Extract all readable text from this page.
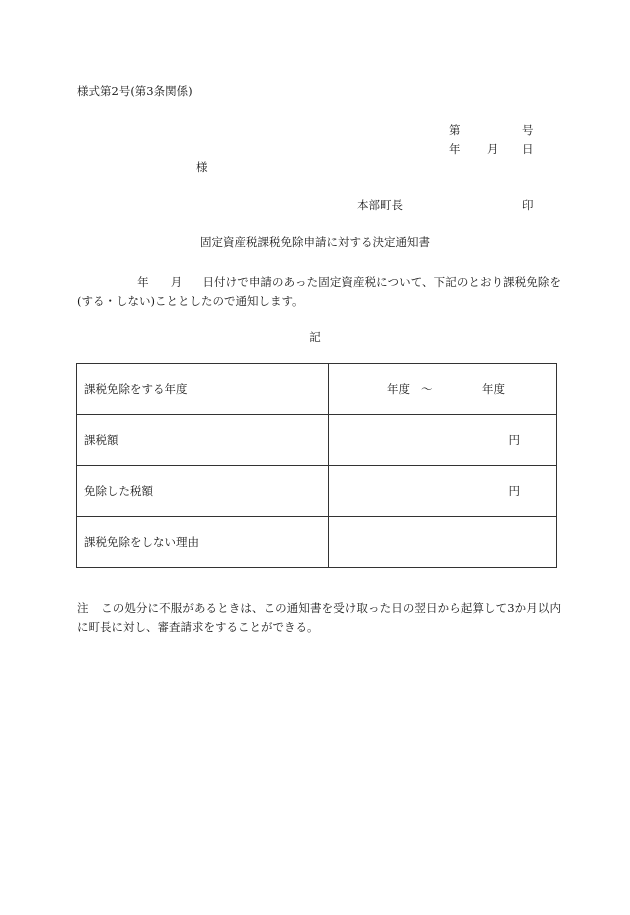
様式第2号(第3条関係)
第	号
年 月 日
様
本部町長	印
固定資産税課税免除申請に対する決定通知書
年 月 日付けで申請のあった固定資産税について、下記のとおり課税免除を(する・しない)こととしたので通知します。
記
課税免除をする年度	年度 〜 年度

課税額	円

免除した税額	円

課税免除をしない理由	
注 この処分に不服があるときは、この通知書を受け取った日の翌日から起算して3か月以内に町長に対し、審査請求をすることができる。
